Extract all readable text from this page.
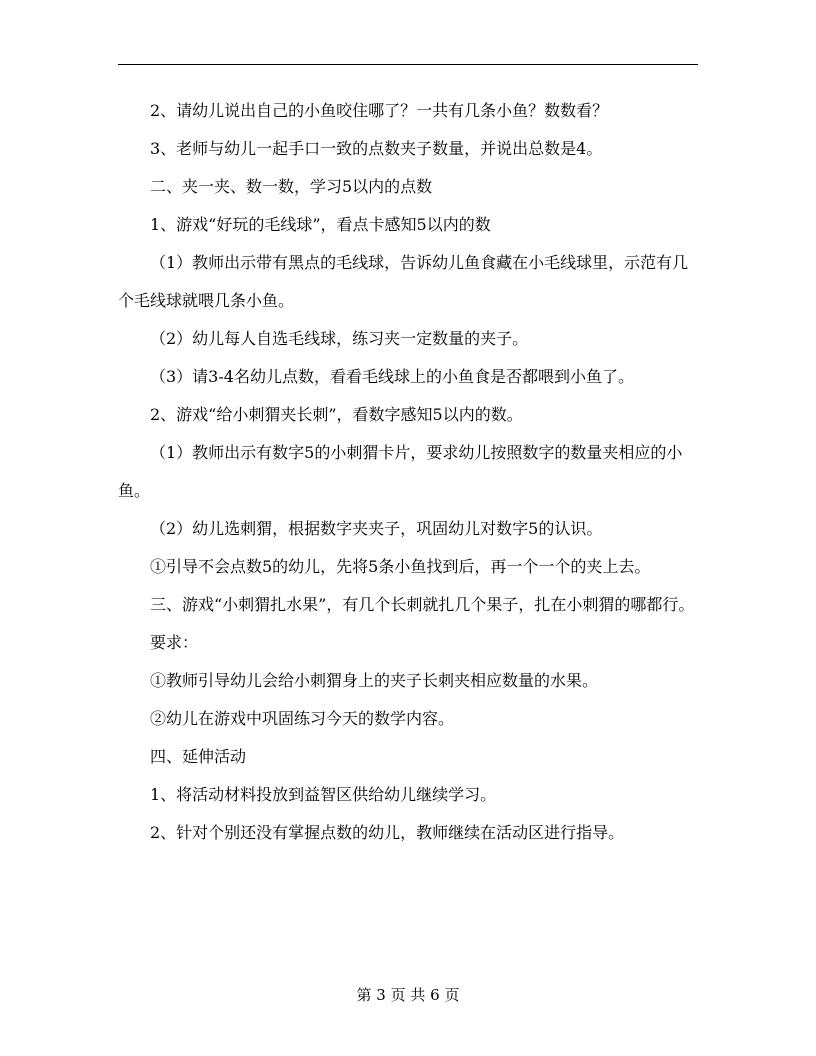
2、请幼儿说出自己的小鱼咬住哪了？一共有几条小鱼？数数看？

3、老师与幼儿一起手口一致的点数夹子数量，并说出总数是4。

二、夹一夹、数一数，学习5以内的点数

1、游戏“好玩的毛线球”，看点卡感知5以内的数

（1）教师出示带有黑点的毛线球，告诉幼儿鱼食藏在小毛线球里，示范有几个毛线球就喂几条小鱼。

（2）幼儿每人自选毛线球，练习夹一定数量的夹子。

（3）请3-4名幼儿点数，看看毛线球上的小鱼食是否都喂到小鱼了。

2、游戏“给小刺猬夹长刺”，看数字感知5以内的数。

（1）教师出示有数字5的小刺猬卡片，要求幼儿按照数字的数量夹相应的小鱼。

（2）幼儿选刺猬，根据数字夹夹子，巩固幼儿对数字5的认识。

①引导不会点数5的幼儿，先将5条小鱼找到后，再一个一个的夹上去。

三、游戏“小刺猬扎水果”，有几个长刺就扎几个果子，扎在小刺猬的哪都行。

要求：

①教师引导幼儿会给小刺猬身上的夹子长刺夹相应数量的水果。

②幼儿在游戏中巩固练习今天的数学内容。

四、延伸活动

1、将活动材料投放到益智区供给幼儿继续学习。

2、针对个别还没有掌握点数的幼儿，教师继续在活动区进行指导。

第 3 页 共 6 页
